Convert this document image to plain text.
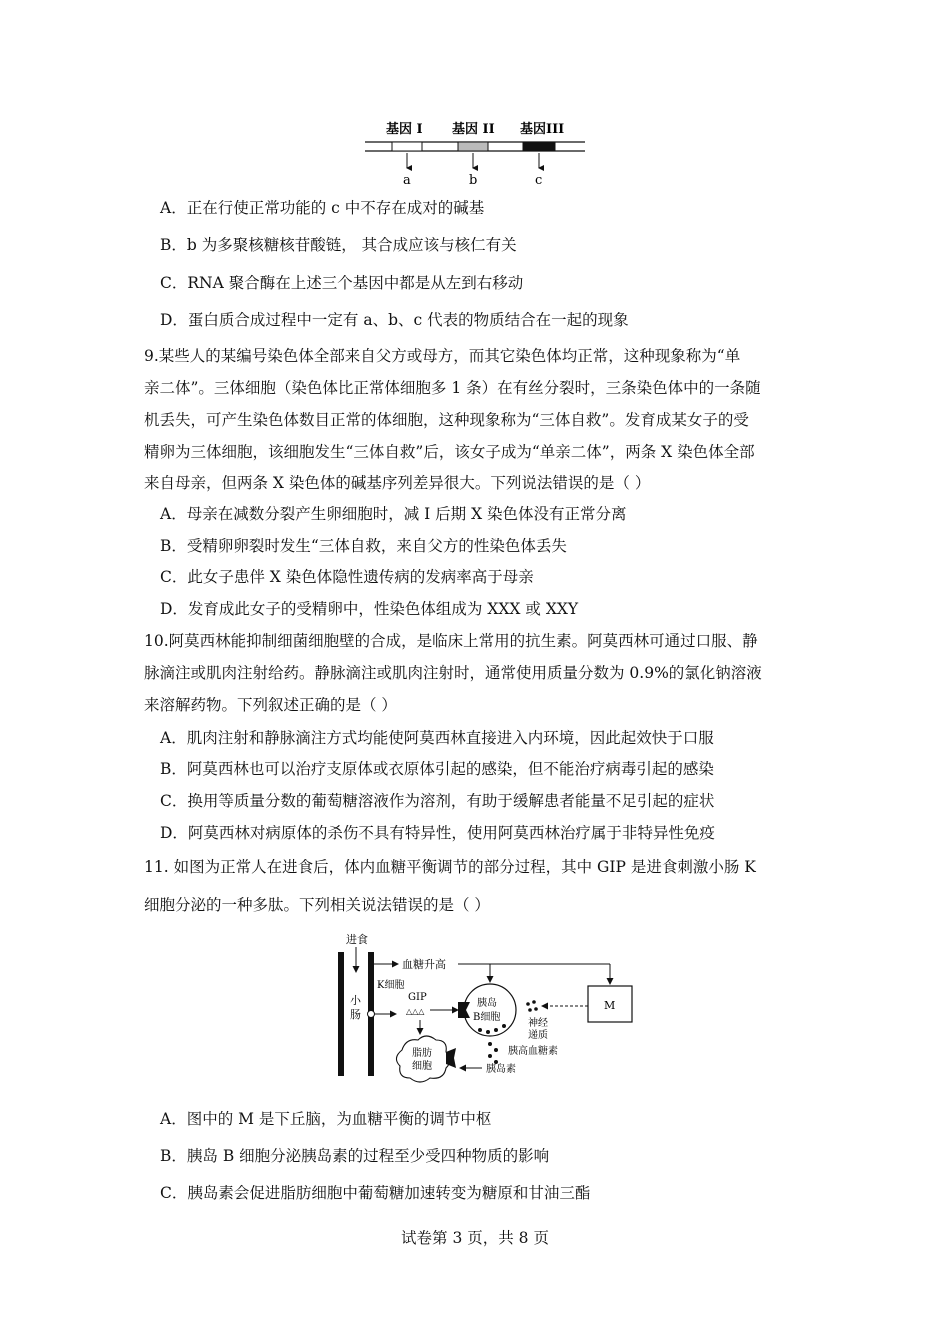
基因 I 基因 II 基因III
a	b	c
A．正在行使正常功能的 c 中不存在成对的碱基
B．b 为多聚核糖核苷酸链， 其合成应该与核仁有关
C．RNA 聚合酶在上述三个基因中都是从左到右移动
D．蛋白质合成过程中一定有 a、b、c 代表的物质结合在一起的现象
9.某些人的某编号染色体全部来自父方或母方，而其它染色体均正常，这种现象称为“单
亲二体”。三体细胞（染色体比正常体细胞多 1 条）在有丝分裂时，三条染色体中的一条随
机丢失，可产生染色体数目正常的体细胞，这种现象称为“三体自救”。发育成某女子的受
精卵为三体细胞，该细胞发生“三体自救”后，该女子成为“单亲二体”，两条 X 染色体全部
来自母亲，但两条 X 染色体的碱基序列差异很大。下列说法错误的是（ ）
A．母亲在减数分裂产生卵细胞时，减 I 后期 X 染色体没有正常分离
B．受精卵卵裂时发生“三体自救，来自父方的性染色体丢失
C．此女子患伴 X 染色体隐性遗传病的发病率高于母亲
D．发育成此女子的受精卵中，性染色体组成为 XXX 或 XXY
10.阿莫西林能抑制细菌细胞壁的合成，是临床上常用的抗生素。阿莫西林可通过口服、静
脉滴注或肌肉注射给药。静脉滴注或肌肉注射时，通常使用质量分数为 0.9%的氯化钠溶液
来溶解药物。下列叙述正确的是（ ）
A．肌肉注射和静脉滴注方式均能使阿莫西林直接进入内环境，因此起效快于口服
B．阿莫西林也可以治疗支原体或衣原体引起的感染，但不能治疗病毒引起的感染
C．换用等质量分数的葡萄糖溶液作为溶剂，有助于缓解患者能量不足引起的症状
D．阿莫西林对病原体的杀伤不具有特异性，使用阿莫西林治疗属于非特异性免疫
11. 如图为正常人在进食后，体内血糖平衡调节的部分过程，其中 GIP 是进食刺激小肠 K
细胞分泌的一种多肽。下列相关说法错误的是（ ）
进食
小
肠
K细胞
血糖升高
GIP
△△△
胰岛
B细胞
神经
递质
M
胰高血糖素
脂肪
细胞	胰岛素
A．图中的 M 是下丘脑，为血糖平衡的调节中枢
B．胰岛 B 细胞分泌胰岛素的过程至少受四种物质的影响
C．胰岛素会促进脂肪细胞中葡萄糖加速转变为糖原和甘油三酯
试卷第 3 页，共 8 页
